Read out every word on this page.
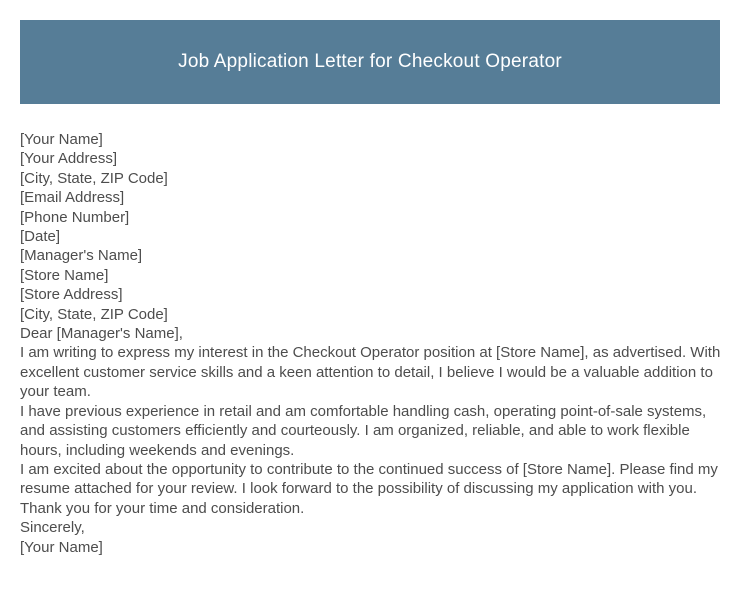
Job Application Letter for Checkout Operator

[Your Name]

[Your Address]

[City, State, ZIP Code]

[Email Address]

[Phone Number]

[Date]

[Manager's Name]

[Store Name]

[Store Address]

[City, State, ZIP Code]

Dear [Manager's Name],

I am writing to express my interest in the Checkout Operator position at [Store Name], as advertised. With excellent customer service skills and a keen attention to detail, I believe I would be a valuable addition to your team.

I have previous experience in retail and am comfortable handling cash, operating point-of-sale systems, and assisting customers efficiently and courteously. I am organized, reliable, and able to work flexible hours, including weekends and evenings.

I am excited about the opportunity to contribute to the continued success of [Store Name]. Please find my resume attached for your review. I look forward to the possibility of discussing my application with you.

Thank you for your time and consideration.

Sincerely,

[Your Name]
